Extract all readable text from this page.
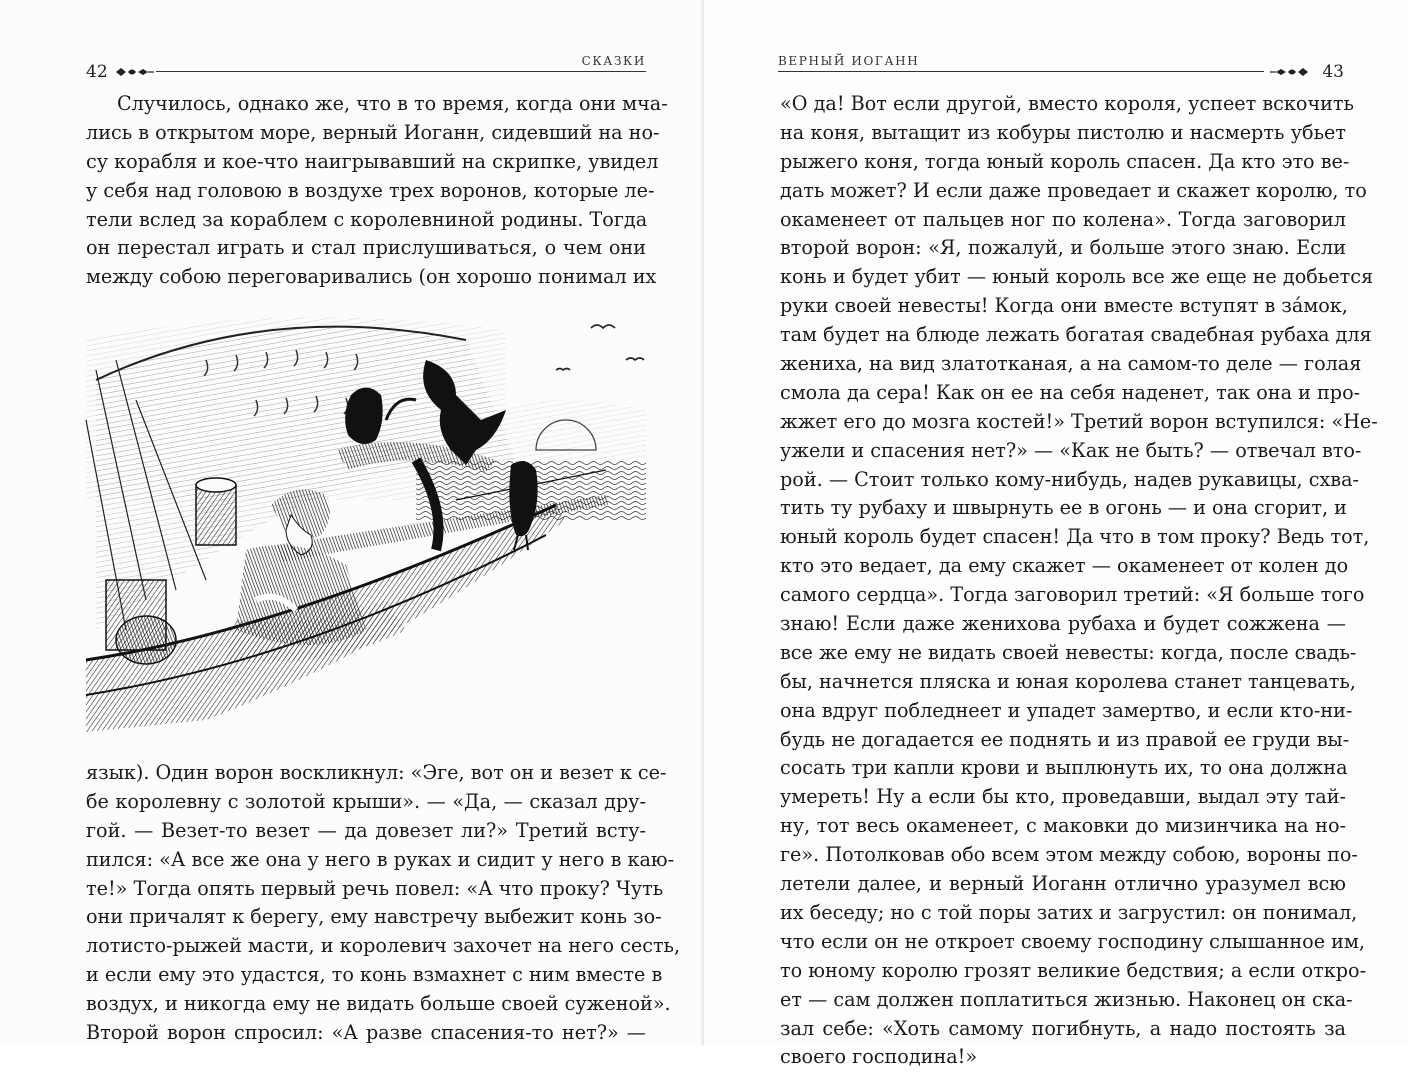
42
СКАЗКИ
Случилось, однако же, что в то время, когда они мча-
лись в открытом море, верный Иоганн, сидевший на но-
су корабля и кое-что наигрывавший на скрипке, увидел
у себя над головою в воздухе трех воронов, которые ле-
тели вслед за кораблем с королевниной родины. Тогда
он перестал играть и стал прислушиваться, о чем они
между собою переговаривались (он хорошо понимал их
язык). Один ворон воскликнул: «Эге, вот он и везет к се-
бе королевну с золотой крыши». — «Да, — сказал дру-
гой. — Везет-то везет — да довезет ли?» Третий всту-
пился: «А все же она у него в руках и сидит у него в каю-
те!» Тогда опять первый речь повел: «А что проку? Чуть
они причалят к берегу, ему навстречу выбежит конь зо-
лотисто-рыжей масти, и королевич захочет на него сесть,
и если ему это удастся, то конь взмахнет с ним вместе в
воздух, и никогда ему не видать больше своей суженой».
Второй ворон спросил: «А разве спасения-то нет?» —
ВЕРНЫЙ ИОГАНН
43
«О да! Вот если другой, вместо короля, успеет вскочить
на коня, вытащит из кобуры пистолю и насмерть убьет
рыжего коня, тогда юный король спасен. Да кто это ве-
дать может? И если даже проведает и скажет королю, то
окаменеет от пальцев ног по колена». Тогда заговорил
второй ворон: «Я, пожалуй, и больше этого знаю. Если
конь и будет убит — юный король все же еще не добьется
руки своей невесты! Когда они вместе вступят в за́мок,
там будет на блюде лежать богатая свадебная рубаха для
жениха, на вид златотканая, а на самом-то деле — голая
смола да сера! Как он ее на себя наденет, так она и про-
жжет его до мозга костей!» Третий ворон вступился: «Не-
ужели и спасения нет?» — «Как не быть? — отвечал вто-
рой. — Стоит только кому-нибудь, надев рукавицы, схва-
тить ту рубаху и швырнуть ее в огонь — и она сгорит, и
юный король будет спасен! Да что в том проку? Ведь тот,
кто это ведает, да ему скажет — окаменеет от колен до
самого сердца». Тогда заговорил третий: «Я больше того
знаю! Если даже женихова рубаха и будет сожжена —
все же ему не видать своей невесты: когда, после свадь-
бы, начнется пляска и юная королева станет танцевать,
она вдруг побледнеет и упадет замертво, и если кто-ни-
будь не догадается ее поднять и из правой ее груди вы-
сосать три капли крови и выплюнуть их, то она должна
умереть! Ну а если бы кто, проведавши, выдал эту тай-
ну, тот весь окаменеет, с маковки до мизинчика на но-
ге». Потолковав обо всем этом между собою, вороны по-
летели далее, и верный Иоганн отлично уразумел всю
их беседу; но с той поры затих и загрустил: он понимал,
что если он не откроет своему господину слышанное им,
то юному королю грозят великие бедствия; а если откро-
ет — сам должен поплатиться жизнью. Наконец он ска-
зал себе: «Хоть самому погибнуть, а надо постоять за
своего господина!»
